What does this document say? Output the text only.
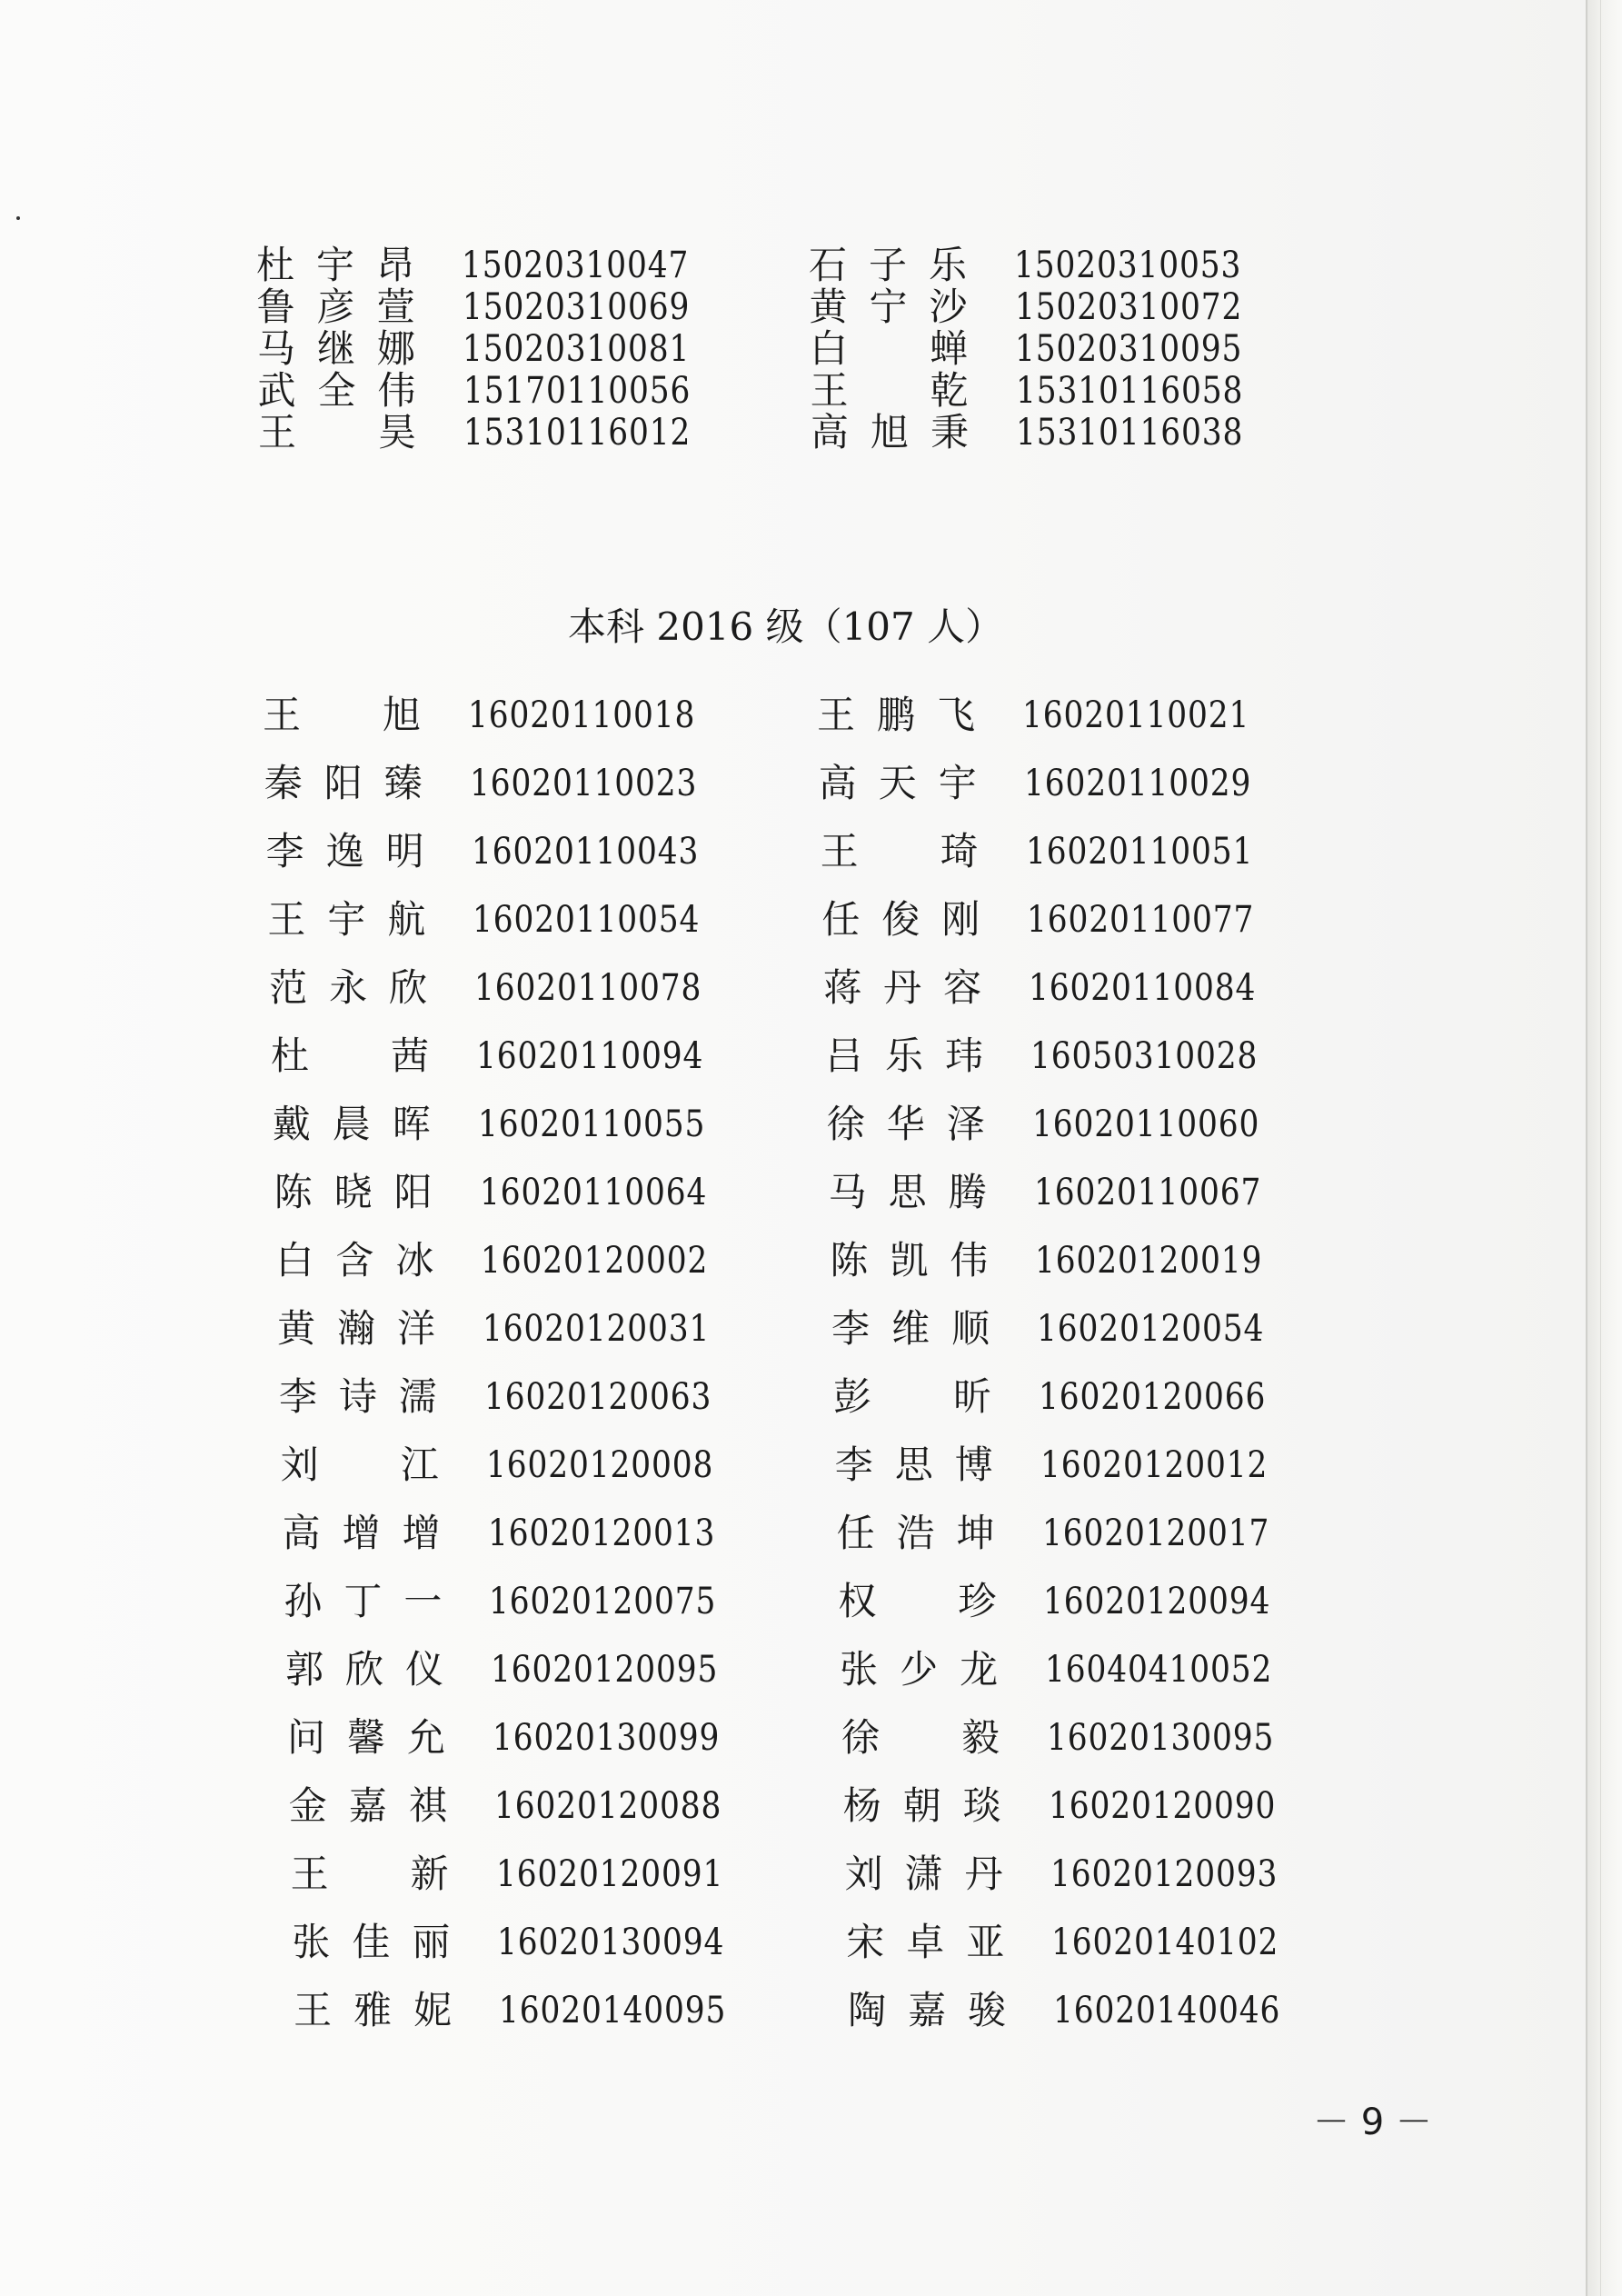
杜 宇 昂 15020310047	石 子 乐 15020310053
鲁 彦 萱 15020310069	黄 宁 沙 15020310072
马 继 娜 15020310081	白 蝉 15020310095
武 全 伟 15170110056	王 乾 15310116058
王 昊 15310116012	高 旭 秉 15310116038
本科 2016 级（107 人）
王 旭 16020110018	王 鹏 飞 16020110021
秦 阳 臻 16020110023	高 天 宇 16020110029
李 逸 明 16020110043	王 琦 16020110051
王 宇 航 16020110054	任 俊 刚 16020110077
范 永 欣 16020110078	蒋 丹 容 16020110084
杜 茜 16020110094	吕 乐 玮 16050310028
戴 晨 晖 16020110055	徐 华 泽 16020110060
陈 晓 阳 16020110064	马 思 腾 16020110067
白 含 冰 16020120002	陈 凯 伟 16020120019
黄 瀚 洋 16020120031	李 维 顺 16020120054
李 诗 濡 16020120063	彭 昕 16020120066
刘 江 16020120008	李 思 博 16020120012
高 增 增 16020120013	任 浩 坤 16020120017
孙 丁 一 16020120075	权 珍 16020120094
郭 欣 仪 16020120095	张 少 龙 16040410052
问 馨 允 16020130099	徐 毅 16020130095
金 嘉 祺 16020120088	杨 朝 琰 16020120090
王 新 16020120091	刘 潇 丹 16020120093
张 佳 丽 16020130094	宋 卓 亚 16020140102
王 雅 妮 16020140095	陶 嘉 骏 16020140046
－ 9 －
